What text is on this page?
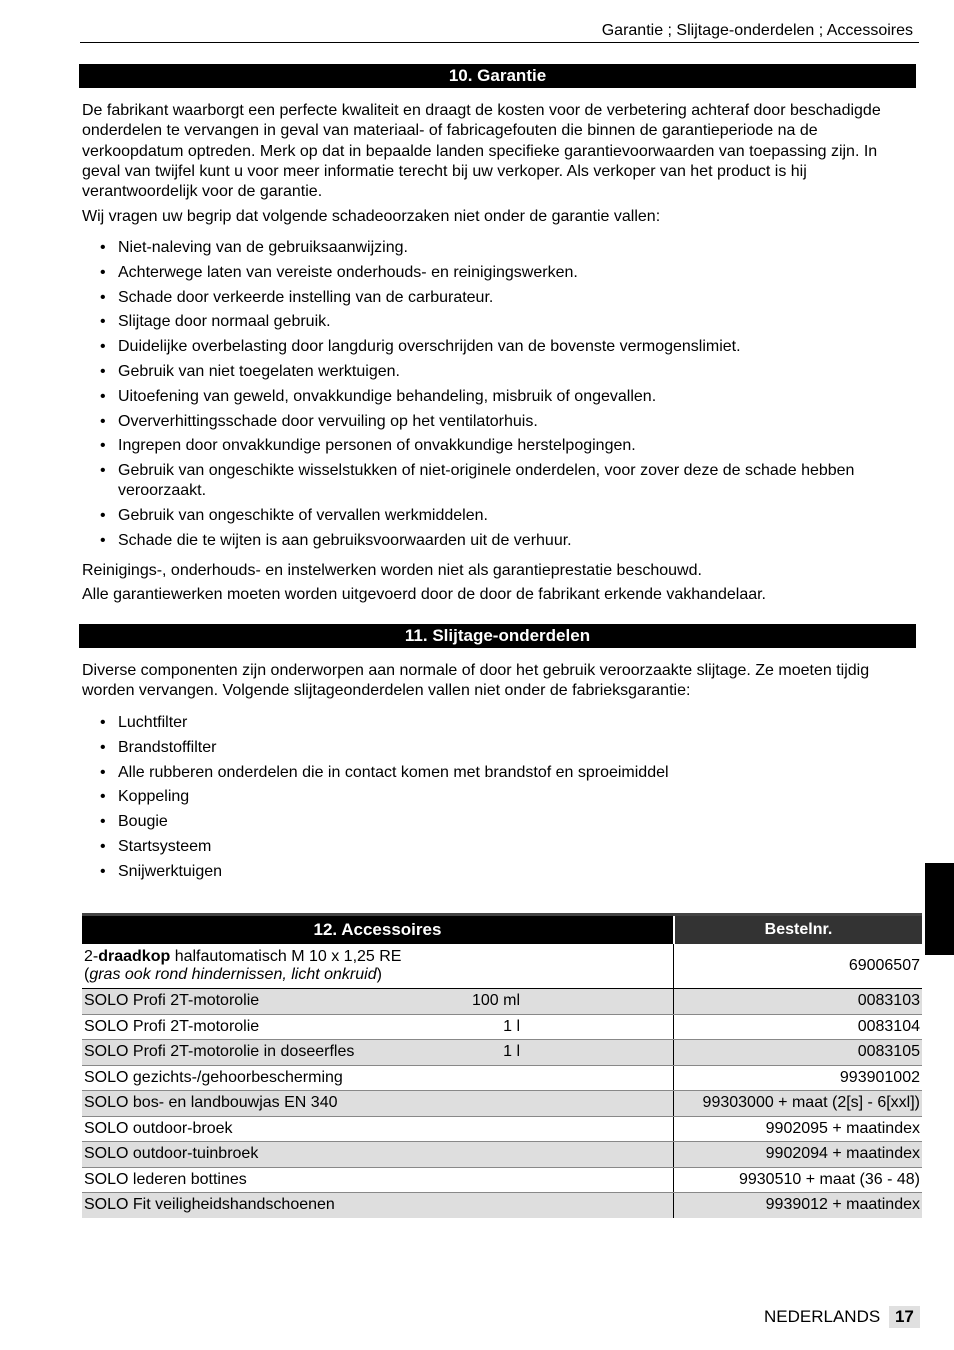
Garantie ; Slijtage-onderdelen ; Accessoires
10. Garantie

De fabrikant waarborgt een perfecte kwaliteit en draagt de kosten voor de verbetering achteraf door beschadigde onderdelen te vervangen in geval van materiaal- of fabricagefouten die binnen de garantieperiode na de verkoopdatum optreden. Merk op dat in bepaalde landen specifieke garantievoorwaarden van toepassing zijn. In geval van twijfel kunt u voor meer informatie terecht bij uw verkoper. Als verkoper van het product is hij verantwoordelijk voor de garantie.

Wij vragen uw begrip dat volgende schadeoorzaken niet onder de garantie vallen:

• Niet-naleving van de gebruiksaanwijzing.
• Achterwege laten van vereiste onderhouds- en reinigingswerken.
• Schade door verkeerde instelling van de carburateur.
• Slijtage door normaal gebruik.
• Duidelijke overbelasting door langdurig overschrijden van de bovenste vermogenslimiet.
• Gebruik van niet toegelaten werktuigen.
• Uitoefening van geweld, onvakkundige behandeling, misbruik of ongevallen.
• Oververhittingsschade door vervuiling op het ventilatorhuis.
• Ingrepen door onvakkundige personen of onvakkundige herstelpogingen.
• Gebruik van ongeschikte wisselstukken of niet-originele onderdelen, voor zover deze de schade hebben veroorzaakt.
• Gebruik van ongeschikte of vervallen werkmiddelen.
• Schade die te wijten is aan gebruiksvoorwaarden uit de verhuur.

Reinigings-, onderhouds- en instelwerken worden niet als garantieprestatie beschouwd.

Alle garantiewerken moeten worden uitgevoerd door de door de fabrikant erkende vakhandelaar.

11. Slijtage-onderdelen

Diverse componenten zijn onderworpen aan normale of door het gebruik veroorzaakte slijtage. Ze moeten tijdig worden vervangen. Volgende slijtageonderdelen vallen niet onder de fabrieksgarantie:

• Luchtfilter
• Brandstoffilter
• Alle rubberen onderdelen die in contact komen met brandstof en sproeimiddel
• Koppeling
• Bougie
• Startsysteem
• Snijwerktuigen
12. Accessoires	Bestelnr.
2-draadkop halfautomatisch M 10 x 1,25 RE
(gras ook rond hindernissen, licht onkruid)	69006507
SOLO Profi 2T-motorolie 100 ml	0083103
SOLO Profi 2T-motorolie 1 l	0083104
SOLO Profi 2T-motorolie in doseerfles 1 l	0083105
SOLO gezichts-/gehoorbescherming	993901002
SOLO bos- en landbouwjas EN 340	99303000 + maat (2[s] - 6[xxl])
SOLO outdoor-broek	9902095 + maatindex
SOLO outdoor-tuinbroek	9902094 + maatindex
SOLO lederen bottines	9930510 + maat (36 - 48)
SOLO Fit veiligheidshandschoenen	9939012 + maatindex
NEDERLANDS 17
